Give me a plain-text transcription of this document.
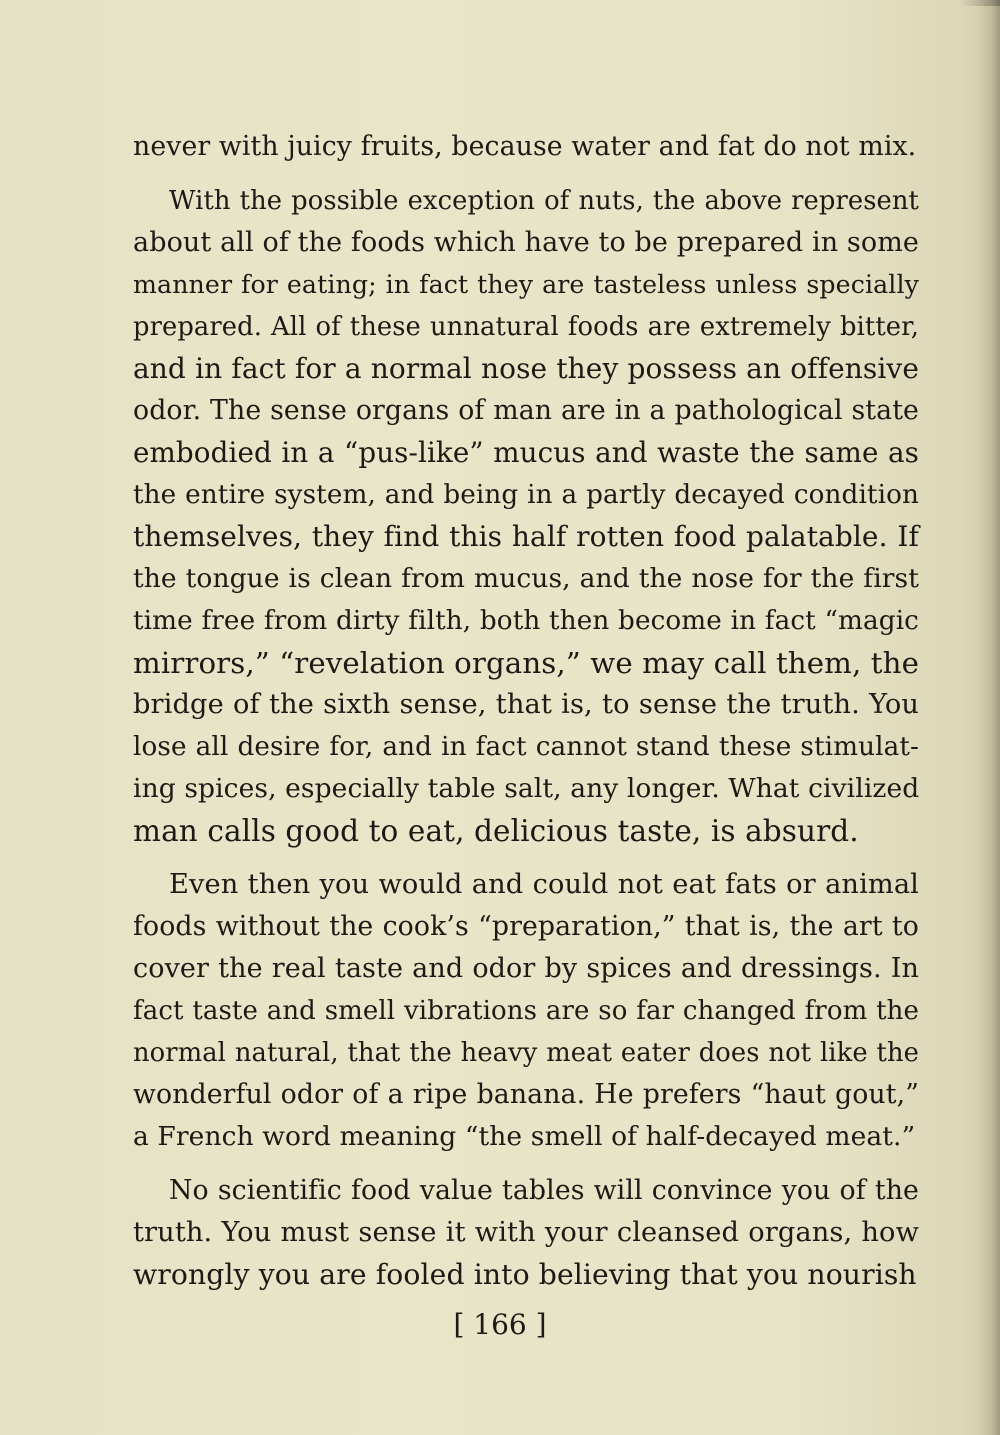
never with juicy fruits, because water and fat do not mix.

With the possible exception of nuts, the above represent
about all of the foods which have to be prepared in some
manner for eating; in fact they are tasteless unless specially
prepared. All of these unnatural foods are extremely bitter,
and in fact for a normal nose they possess an offensive
odor. The sense organs of man are in a pathological state
embodied in a “pus-like” mucus and waste the same as
the entire system, and being in a partly decayed condition
themselves, they find this half rotten food palatable. If
the tongue is clean from mucus, and the nose for the first
time free from dirty filth, both then become in fact “magic
mirrors,” “revelation organs,” we may call them, the
bridge of the sixth sense, that is, to sense the truth. You
lose all desire for, and in fact cannot stand these stimulat-
ing spices, especially table salt, any longer. What civilized
man calls good to eat, delicious taste, is absurd.

Even then you would and could not eat fats or animal
foods without the cook’s “preparation,” that is, the art to
cover the real taste and odor by spices and dressings. In
fact taste and smell vibrations are so far changed from the
normal natural, that the heavy meat eater does not like the
wonderful odor of a ripe banana. He prefers “haut gout,”
a French word meaning “the smell of half-decayed meat.”

No scientific food value tables will convince you of the
truth. You must sense it with your cleansed organs, how
wrongly you are fooled into believing that you nourish

[ 166 ]
